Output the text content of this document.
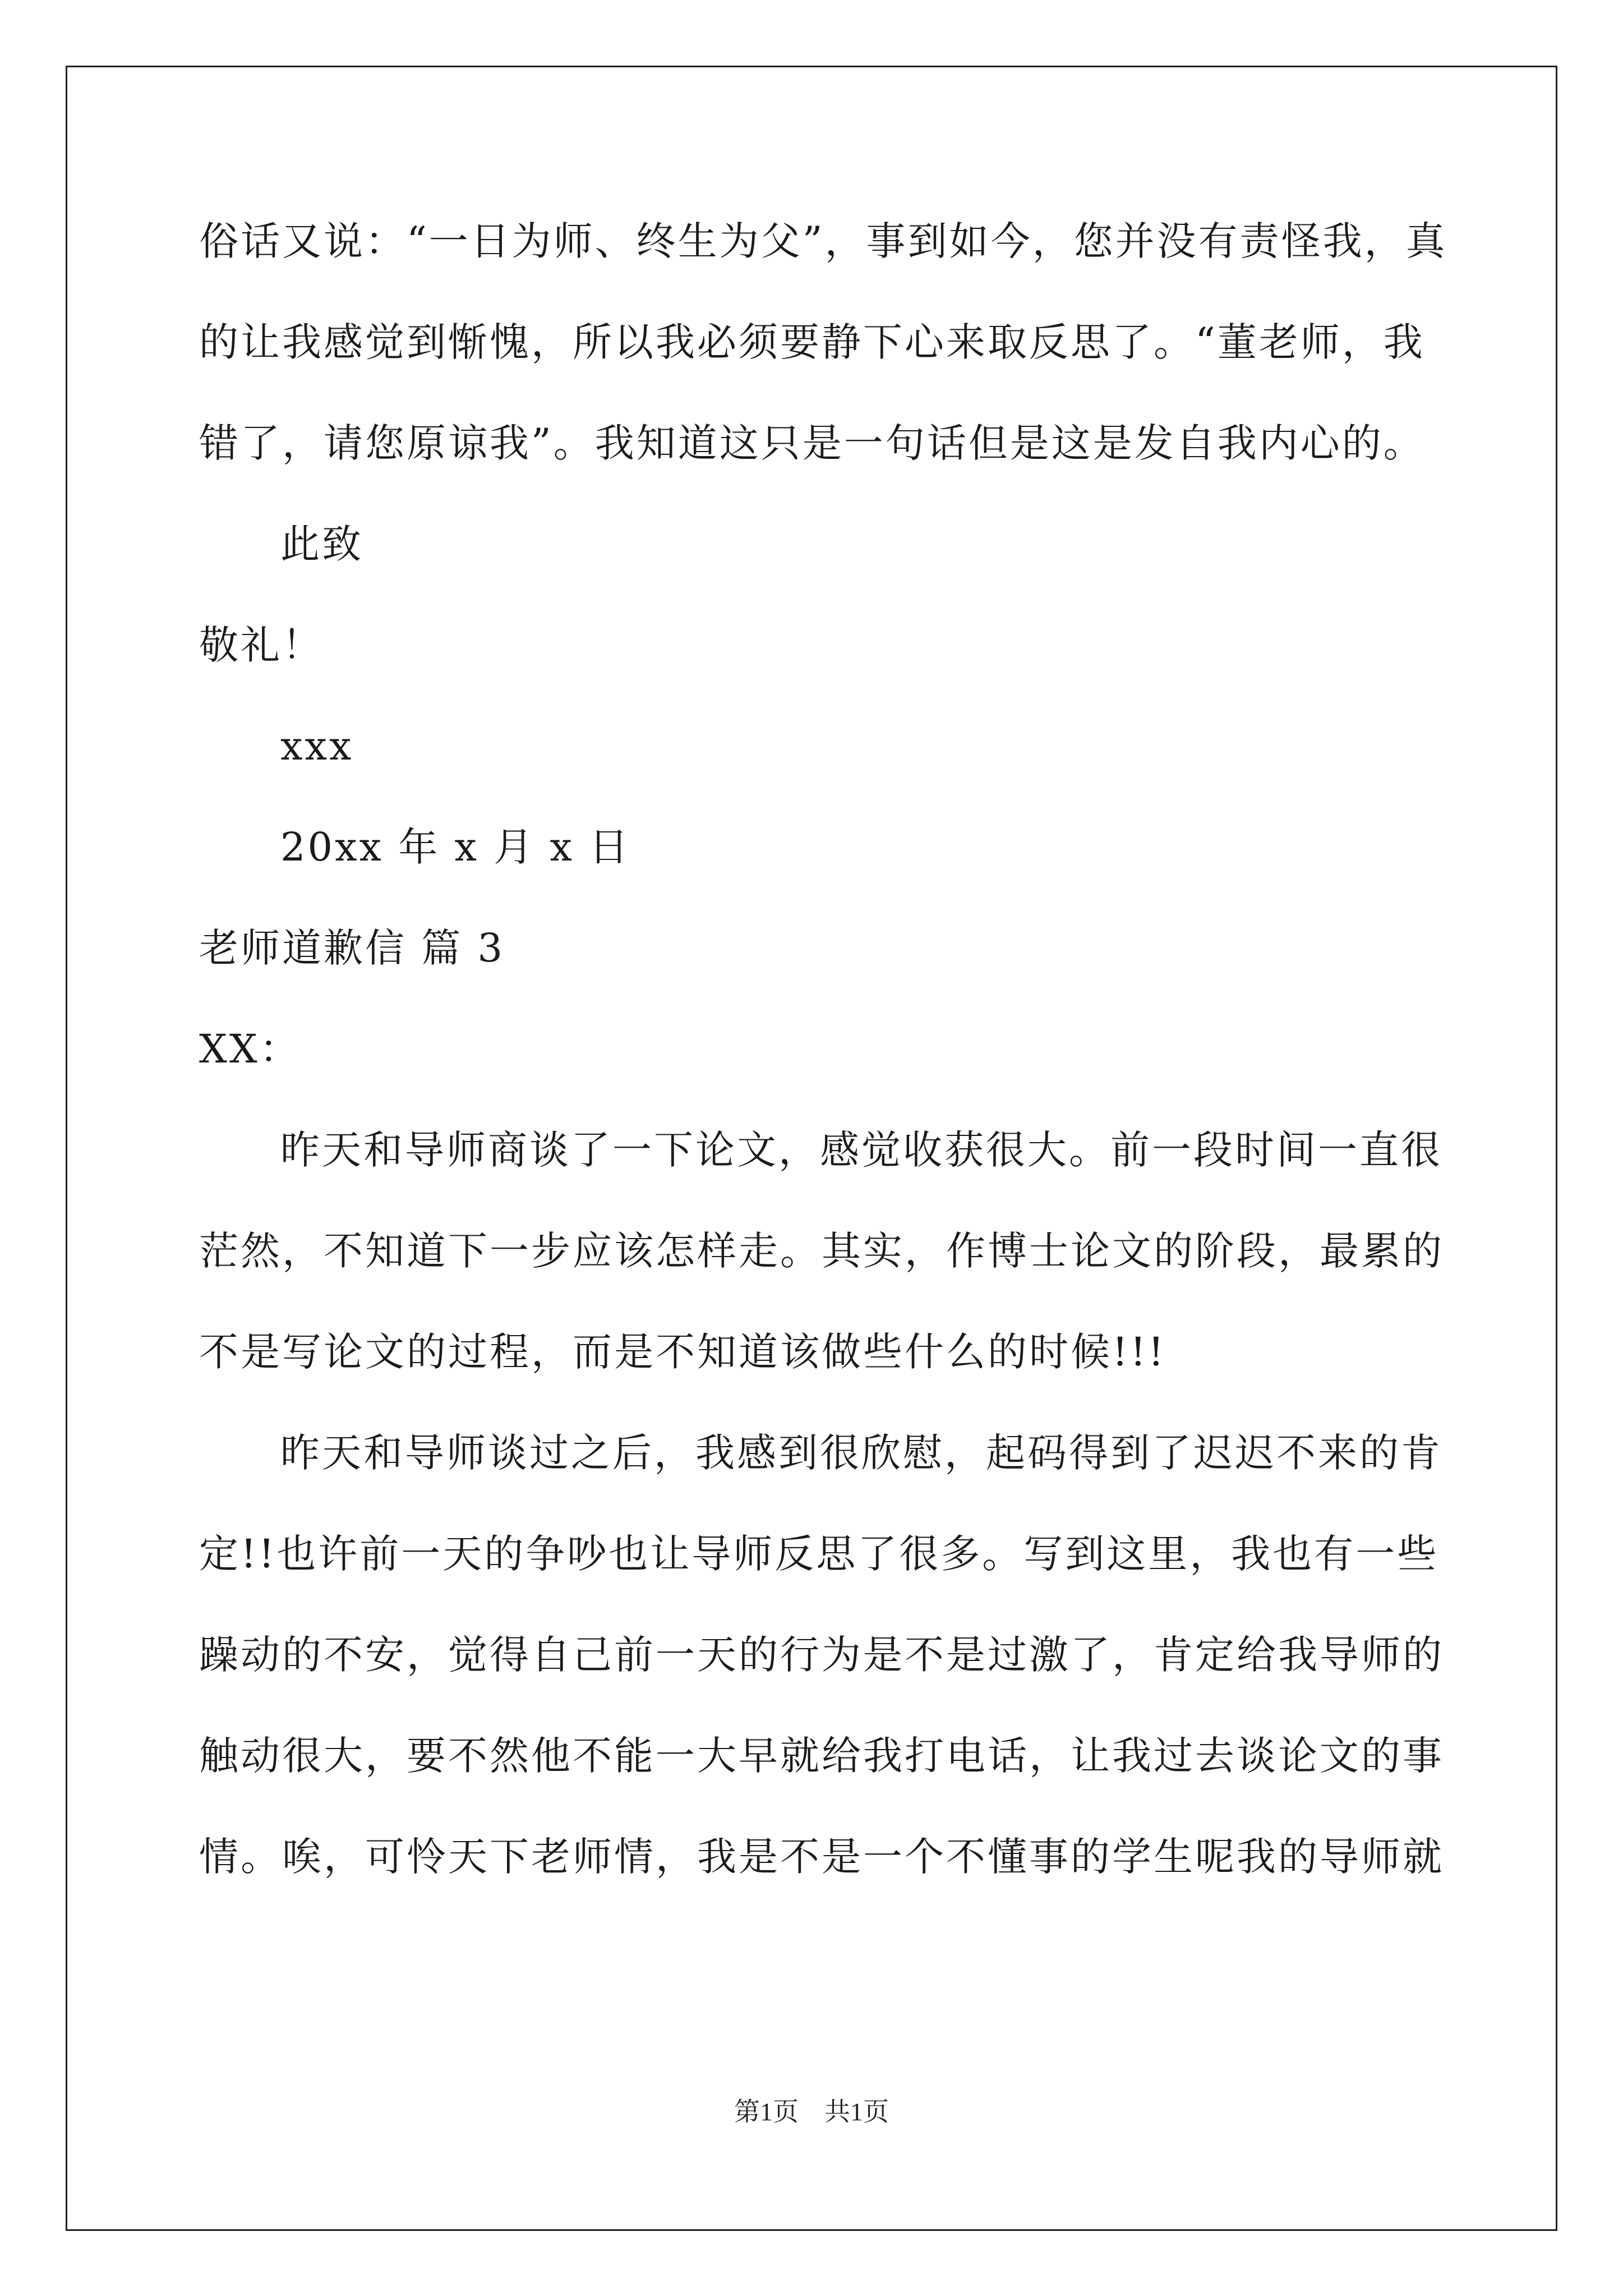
俗话又说：“一日为师、终生为父”，事到如今，您并没有责怪我，真
的让我感觉到惭愧，所以我必须要静下心来取反思了。“董老师，我
错了，请您原谅我”。我知道这只是一句话但是这是发自我内心的。
此致
敬礼！
xxx
20xx 年 x 月 x 日
老师道歉信 篇 3
XX：
昨天和导师商谈了一下论文，感觉收获很大。前一段时间一直很
茫然，不知道下一步应该怎样走。其实，作博士论文的阶段，最累的
不是写论文的过程，而是不知道该做些什么的时候!!!
昨天和导师谈过之后，我感到很欣慰，起码得到了迟迟不来的肯
定!!也许前一天的争吵也让导师反思了很多。写到这里，我也有一些
躁动的不安，觉得自己前一天的行为是不是过激了，肯定给我导师的
触动很大，要不然他不能一大早就给我打电话，让我过去谈论文的事
情。唉，可怜天下老师情，我是不是一个不懂事的学生呢我的导师就
第1页　共1页
